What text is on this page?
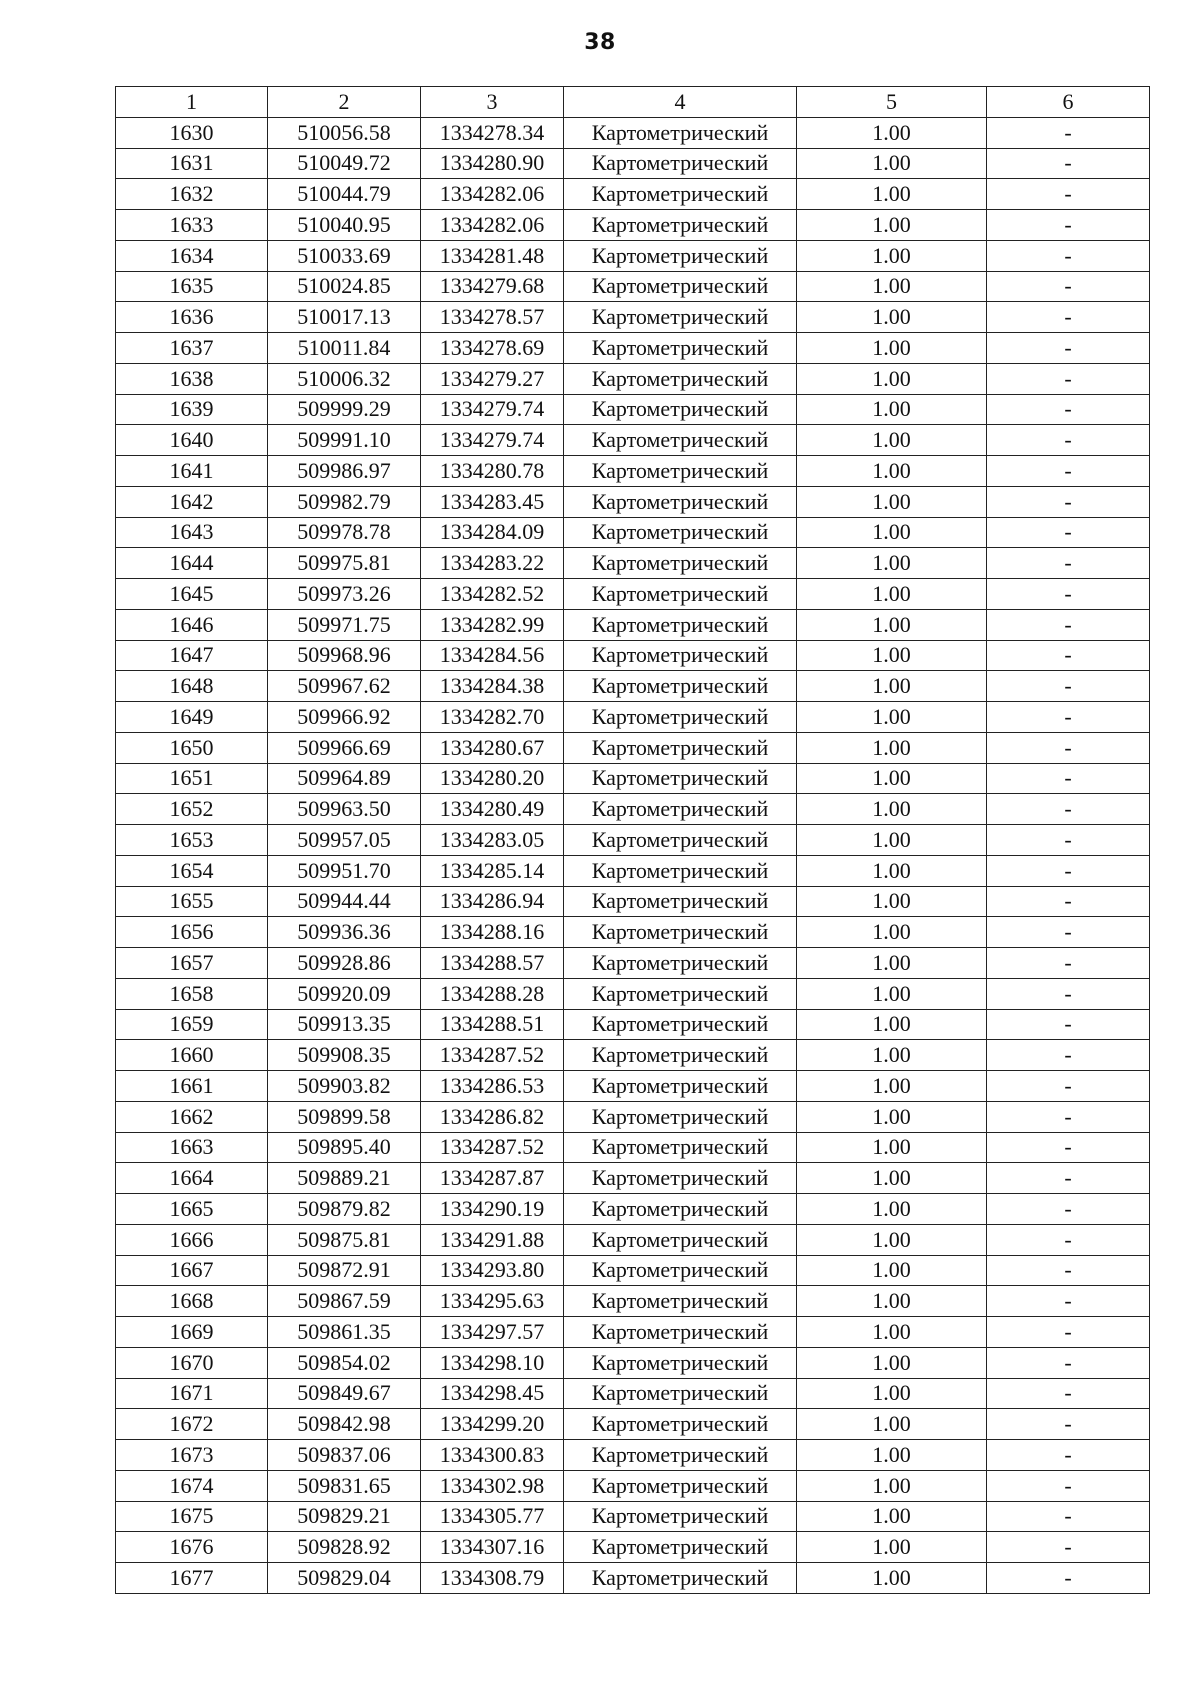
38
1	2	3	4	5	6
1630	510056.58	1334278.34	Картометрический	1.00	-
1631	510049.72	1334280.90	Картометрический	1.00	-
1632	510044.79	1334282.06	Картометрический	1.00	-
1633	510040.95	1334282.06	Картометрический	1.00	-
1634	510033.69	1334281.48	Картометрический	1.00	-
1635	510024.85	1334279.68	Картометрический	1.00	-
1636	510017.13	1334278.57	Картометрический	1.00	-
1637	510011.84	1334278.69	Картометрический	1.00	-
1638	510006.32	1334279.27	Картометрический	1.00	-
1639	509999.29	1334279.74	Картометрический	1.00	-
1640	509991.10	1334279.74	Картометрический	1.00	-
1641	509986.97	1334280.78	Картометрический	1.00	-
1642	509982.79	1334283.45	Картометрический	1.00	-
1643	509978.78	1334284.09	Картометрический	1.00	-
1644	509975.81	1334283.22	Картометрический	1.00	-
1645	509973.26	1334282.52	Картометрический	1.00	-
1646	509971.75	1334282.99	Картометрический	1.00	-
1647	509968.96	1334284.56	Картометрический	1.00	-
1648	509967.62	1334284.38	Картометрический	1.00	-
1649	509966.92	1334282.70	Картометрический	1.00	-
1650	509966.69	1334280.67	Картометрический	1.00	-
1651	509964.89	1334280.20	Картометрический	1.00	-
1652	509963.50	1334280.49	Картометрический	1.00	-
1653	509957.05	1334283.05	Картометрический	1.00	-
1654	509951.70	1334285.14	Картометрический	1.00	-
1655	509944.44	1334286.94	Картометрический	1.00	-
1656	509936.36	1334288.16	Картометрический	1.00	-
1657	509928.86	1334288.57	Картометрический	1.00	-
1658	509920.09	1334288.28	Картометрический	1.00	-
1659	509913.35	1334288.51	Картометрический	1.00	-
1660	509908.35	1334287.52	Картометрический	1.00	-
1661	509903.82	1334286.53	Картометрический	1.00	-
1662	509899.58	1334286.82	Картометрический	1.00	-
1663	509895.40	1334287.52	Картометрический	1.00	-
1664	509889.21	1334287.87	Картометрический	1.00	-
1665	509879.82	1334290.19	Картометрический	1.00	-
1666	509875.81	1334291.88	Картометрический	1.00	-
1667	509872.91	1334293.80	Картометрический	1.00	-
1668	509867.59	1334295.63	Картометрический	1.00	-
1669	509861.35	1334297.57	Картометрический	1.00	-
1670	509854.02	1334298.10	Картометрический	1.00	-
1671	509849.67	1334298.45	Картометрический	1.00	-
1672	509842.98	1334299.20	Картометрический	1.00	-
1673	509837.06	1334300.83	Картометрический	1.00	-
1674	509831.65	1334302.98	Картометрический	1.00	-
1675	509829.21	1334305.77	Картометрический	1.00	-
1676	509828.92	1334307.16	Картометрический	1.00	-
1677	509829.04	1334308.79	Картометрический	1.00	-
